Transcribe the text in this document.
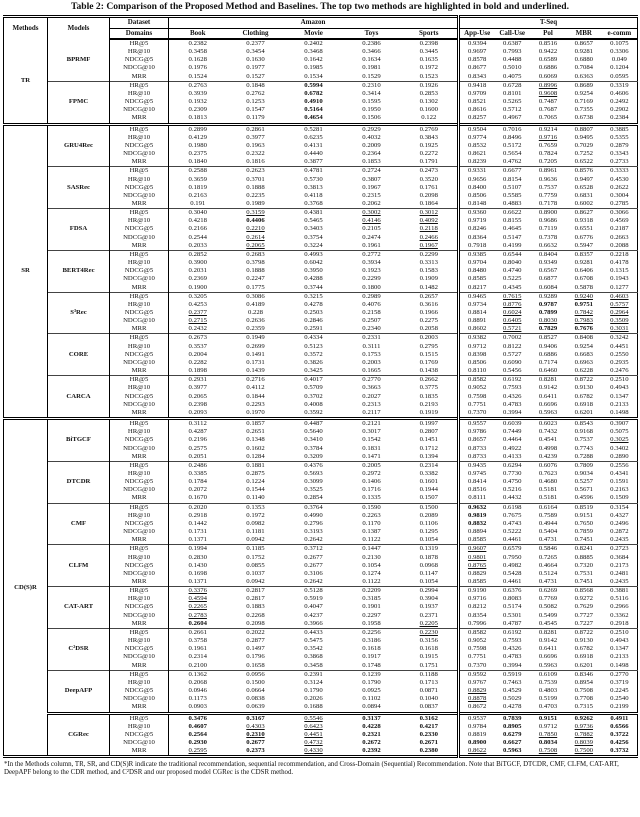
Table 2: Comparison of the Proposed Method and Baselines. The top two methods are highlighted in bold and underlined.
Methods	Models	Dataset	Amazon					T-Seq				
		Domains	Book	Clothing	Movie	Toys	Sports	App-Use	Call-Use	Pol	MBR	e-comm
TR	BPRMF	HR@5	0.2382	0.2377	0.2402	0.2386	0.2398	0.9394	0.6387	0.8516	0.8657	0.1075
		HR@10	0.3458	0.3454	0.3468	0.3466	0.3445	0.9697	0.7993	0.9422	0.9281	0.3306
		NDCG@5	0.1628	0.1630	0.1642	0.1634	0.1635	0.8578	0.4488	0.6589	0.6880	0.049
		NDCG@10	0.1976	0.1977	0.1985	0.1981	0.1972	0.8677	0.5010	0.6886	0.7084	0.1204
		MRR	0.1524	0.1527	0.1534	0.1529	0.1523	0.8343	0.4075	0.6069	0.6363	0.0595
	FPMC	HR@5	0.2763	0.1848	0.5994	0.2310	0.1926	0.9418	0.6728	0.8996	0.8689	0.3319
		HR@10	0.3939	0.2762	0.6782	0.3414	0.2853	0.9709	0.8101	0.9608	0.9254	0.4606
		NDCG@5	0.1932	0.1253	0.4910	0.1595	0.1302	0.8521	0.5265	0.7487	0.7169	0.2492
		NDCG@10	0.2309	0.1547	0.5164	0.1950	0.1600	0.8616	0.5712	0.7687	0.7355	0.2902
		MRR	0.1813	0.1179	0.4654	0.1506	0.122	0.8257	0.4967	0.7065	0.6738	0.2384
SR	GRU4Rec	HR@5	0.2899	0.2861	0.5281	0.2929	0.2769	0.9504	0.7016	0.9214	0.8807	0.3885
		HR@10	0.4129	0.3977	0.6235	0.4032	0.3843	0.9774	0.8496	0.9716	0.9495	0.5355
		NDCG@5	0.1980	0.1963	0.4131	0.2009	0.1925	0.8532	0.5172	0.7659	0.7029	0.2879
		NDCG@10	0.2375	0.2322	0.4440	0.2364	0.2272	0.8621	0.5654	0.7824	0.7252	0.3343
		MRR	0.1840	0.1816	0.3877	0.1853	0.1791	0.8239	0.4762	0.7205	0.6522	0.2733
	SASRec	HR@5	0.2588	0.2623	0.4781	0.2724	0.2473	0.9331	0.6677	0.8961	0.8576	0.3333
		HR@10	0.3659	0.3701	0.5730	0.3807	0.3520	0.9656	0.8154	0.9636	0.9497	0.4530
		NDCG@5	0.1819	0.1888	0.3813	0.1967	0.1761	0.8400	0.5107	0.7537	0.6528	0.2622
		NDCG@10	0.2163	0.2235	0.4118	0.2315	0.2098	0.8506	0.5585	0.7759	0.6831	0.3004
		MRR	0.191	0.1989	0.3768	0.2062	0.1864	0.8148	0.4883	0.7178	0.6002	0.2785
	FDSA	HR@5	0.3040	0.3159	0.4381	0.3002	0.3012	0.9360	0.6622	0.8900	0.8627	0.3066
		HR@10	0.4218	0.4406	0.5465	0.4146	0.4092	0.9719	0.8155	0.9686	0.9318	0.4569
		NDCG@5	0.2166	0.2210	0.3403	0.2105	0.2118	0.8246	0.4645	0.7119	0.6551	0.2187
		NDCG@10	0.2544	0.2614	0.3754	0.2474	0.2466	0.8364	0.5147	0.7378	0.6776	0.2663
		MRR	0.2033	0.2065	0.3224	0.1961	0.1967	0.7918	0.4199	0.6632	0.5947	0.2088
	BERT4Rec	HR@5	0.2852	0.2683	0.4993	0.2772	0.2299	0.9385	0.6544	0.8404	0.8357	0.2218
		HR@10	0.3900	0.3798	0.6042	0.3934	0.3313	0.9704	0.8040	0.9349	0.9281	0.4178
		NDCG@5	0.2031	0.1888	0.3950	0.1923	0.1583	0.8480	0.4740	0.6567	0.6406	0.1315
		NDCG@10	0.2369	0.2247	0.4288	0.2299	0.1909	0.8585	0.5225	0.6877	0.6708	0.1943
		MRR	0.1900	0.1775	0.3744	0.1800	0.1482	0.8217	0.4345	0.6084	0.5878	0.1277
	S³Rec	HR@5	0.3205	0.3086	0.3215	0.2989	0.2657	0.9465	0.7615	0.9289	0.9240	0.4603
		HR@10	0.4253	0.4189	0.4278	0.4076	0.3616	0.9734	0.8776	0.9787	0.9751	0.5757
		NDCG@5	0.2377	0.228	0.2503	0.2158	0.1966	0.8814	0.6024	0.7899	0.7842	0.2964
		NDCG@10	0.2715	0.2636	0.2846	0.2507	0.2275	0.8891	0.6405	0.8030	0.7983	0.3509
		MRR	0.2432	0.2359	0.2591	0.2340	0.2058	0.8602	0.5721	0.7829	0.7676	0.3031
	CORE	HR@5	0.2673	0.1949	0.4334	0.2331	0.2003	0.9382	0.7002	0.8527	0.8408	0.3242
		HR@10	0.3537	0.2699	0.5123	0.3111	0.2795	0.9712	0.8122	0.9406	0.9254	0.4451
		NDCG@5	0.2004	0.1491	0.3572	0.1753	0.1515	0.8398	0.5727	0.6886	0.6683	0.2550
		NDCG@10	0.2282	0.1731	0.3826	0.2003	0.1769	0.8506	0.6090	0.7174	0.6963	0.2935
		MRR	0.1898	0.1439	0.3425	0.1665	0.1438	0.8110	0.5456	0.6460	0.6228	0.2476
	CARCA	HR@5	0.2931	0.2716	0.4017	0.2770	0.2662	0.8582	0.6192	0.8281	0.8722	0.2510
		HR@10	0.3977	0.4112	0.5709	0.3663	0.3775	0.9052	0.7593	0.9142	0.9130	0.4943
		NDCG@5	0.2065	0.1844	0.3702	0.2027	0.1835	0.7598	0.4326	0.6411	0.6782	0.1347
		NDCG@10	0.2398	0.2293	0.4008	0.2313	0.2193	0.7751	0.4783	0.6696	0.6918	0.2133
		MRR	0.2093	0.1970	0.3592	0.2117	0.1919	0.7370	0.3994	0.5963	0.6201	0.1498
CD(S)R	BiTGCF	HR@5	0.3112	0.1857	0.4487	0.2121	0.1997	0.9557	0.6039	0.6023	0.8543	0.3907
		HR@10	0.4287	0.2651	0.5640	0.3017	0.2807	0.9786	0.7449	0.7432	0.9168	0.5075
		NDCG@5	0.2196	0.1348	0.3410	0.1542	0.1451	0.8657	0.4464	0.4541	0.7537	0.3025
		NDCG@10	0.2575	0.1602	0.3784	0.1831	0.1712	0.8733	0.4922	0.4998	0.7743	0.3402
		MRR	0.2051	0.1284	0.3209	0.1471	0.1394	0.8733	0.4133	0.4239	0.7288	0.2890
	DTCDR	HR@5	0.2486	0.1881	0.4376	0.2005	0.2314	0.9435	0.6294	0.6076	0.7809	0.2556
		HR@10	0.3385	0.2875	0.5693	0.2972	0.3382	0.9745	0.7730	0.7623	0.9034	0.4341
		NDCG@5	0.1784	0.1224	0.3099	0.1406	0.1601	0.8414	0.4750	0.4680	0.5257	0.1591
		NDCG@10	0.2072	0.1544	0.3525	0.1716	0.1944	0.8516	0.5216	0.5181	0.5671	0.2163
		MRR	0.1670	0.1140	0.2854	0.1335	0.1507	0.8111	0.4432	0.5181	0.4596	0.1509
	CMF	HR@5	0.2020	0.1353	0.3764	0.1590	0.1500	0.9632	0.6198	0.6164	0.8519	0.3154
		HR@10	0.2918	0.1972	0.4990	0.2263	0.2089	0.9819	0.7675	0.7589	0.9151	0.4327
		NDCG@5	0.1442	0.0982	0.2796	0.1170	0.1106	0.8832	0.4743	0.4944	0.7650	0.2496
		NDCG@10	0.1731	0.1181	0.3193	0.1387	0.1295	0.8894	0.5222	0.5404	0.7859	0.2872
		MRR	0.1371	0.0942	0.2642	0.1122	0.1054	0.8585	0.4461	0.4731	0.7451	0.2435
	CLFM	HR@5	0.1994	0.1185	0.3712	0.1447	0.1319	0.9607	0.6579	0.5846	0.8241	0.2723
		HR@10	0.2830	0.1752	0.2677	0.2130	0.1878	0.9801	0.7950	0.7265	0.8885	0.3684
		NDCG@5	0.1430	0.0855	0.2677	0.1054	0.0968	0.8765	0.4982	0.4664	0.7320	0.2173
		NDCG@10	0.1698	0.1037	0.3106	0.1274	0.1147	0.8829	0.5428	0.5124	0.7531	0.2481
		MRR	0.1371	0.0942	0.2642	0.1122	0.1054	0.8585	0.4461	0.4731	0.7451	0.2435
	CAT-ART	HR@5	0.3376	0.2817	0.5128	0.2209	0.2994	0.9190	0.6376	0.6269	0.8568	0.3881
		HR@10	0.4594	0.2817	0.5919	0.3185	0.3904	0.9716	0.8083	0.7769	0.9272	0.5116
		NDCG@5	0.2265	0.1883	0.4047	0.1901	0.1937	0.8212	0.5174	0.5082	0.7629	0.2966
		NDCG@10	0.2783	0.2268	0.4237	0.2297	0.2371	0.8354	0.5301	0.5499	0.7727	0.3362
		MRR	0.2604	0.2098	0.3966	0.1958	0.2205	0.7996	0.4787	0.4545	0.7227	0.2918
	C²DSR	HR@5	0.2661	0.2022	0.4433	0.2256	0.2230	0.8582	0.6192	0.8281	0.8722	0.2510
		HR@10	0.3758	0.2877	0.5475	0.3186	0.3156	0.9052	0.7593	0.9142	0.9130	0.4943
		NDCG@5	0.1961	0.1497	0.3542	0.1618	0.1618	0.7598	0.4326	0.6411	0.6782	0.1347
		NDCG@10	0.2314	0.1796	0.3868	0.1917	0.1915	0.7751	0.4783	0.6696	0.6918	0.2133
		MRR	0.2100	0.1658	0.3458	0.1748	0.1751	0.7370	0.3994	0.5963	0.6201	0.1498
	DeepAFP	HR@5	0.1362	0.0956	0.2391	0.1239	0.1188	0.9592	0.5919	0.6109	0.8346	0.2770
		HR@10	0.2068	0.1500	0.3124	0.1790	0.1713	0.9767	0.7463	0.7539	0.8954	0.3719
		NDCG@5	0.0946	0.0664	0.1790	0.0925	0.0871	0.8829	0.4529	0.4803	0.7508	0.2245
		NDCG@10	0.1173	0.0838	0.2026	0.1102	0.1040	0.8878	0.5029	0.5199	0.7708	0.2540
		MRR	0.0903	0.0639	0.1688	0.0894	0.0837	0.8672	0.4278	0.4703	0.7315	0.2199
	CGRec	HR@5	0.3476	0.3167	0.5546	0.3137	0.3162	0.9537	0.7839	0.9151	0.9262	0.4911
		HR@10	0.4607	0.4303	0.6423	0.4228	0.4217	0.9784	0.8905	0.9712	0.9736	0.6566
		NDCG@5	0.2564	0.2310	0.4451	0.2321	0.2330	0.8819	0.6279	0.7850	0.7882	0.3722
		NDCG@10	0.2930	0.2677	0.4732	0.2672	0.2671	0.8900	0.6627	0.8034	0.8039	0.4256
		MRR	0.2595	0.2373	0.4330	0.2392	0.2380	0.8622	0.5963	0.7508	0.7500	0.3732
*In the Methods column, TR, SR, and CD(S)R indicate the traditional recommendation, sequential recommendation, and Cross-Domain (Sequential) Recommendation. Note that BiTGCF, DTCDR, CMF, CLFM, CAT-ART, DeepAPF belong to the CDR method, and C²DSR and our proposed model CGRec is the CDSR method.
